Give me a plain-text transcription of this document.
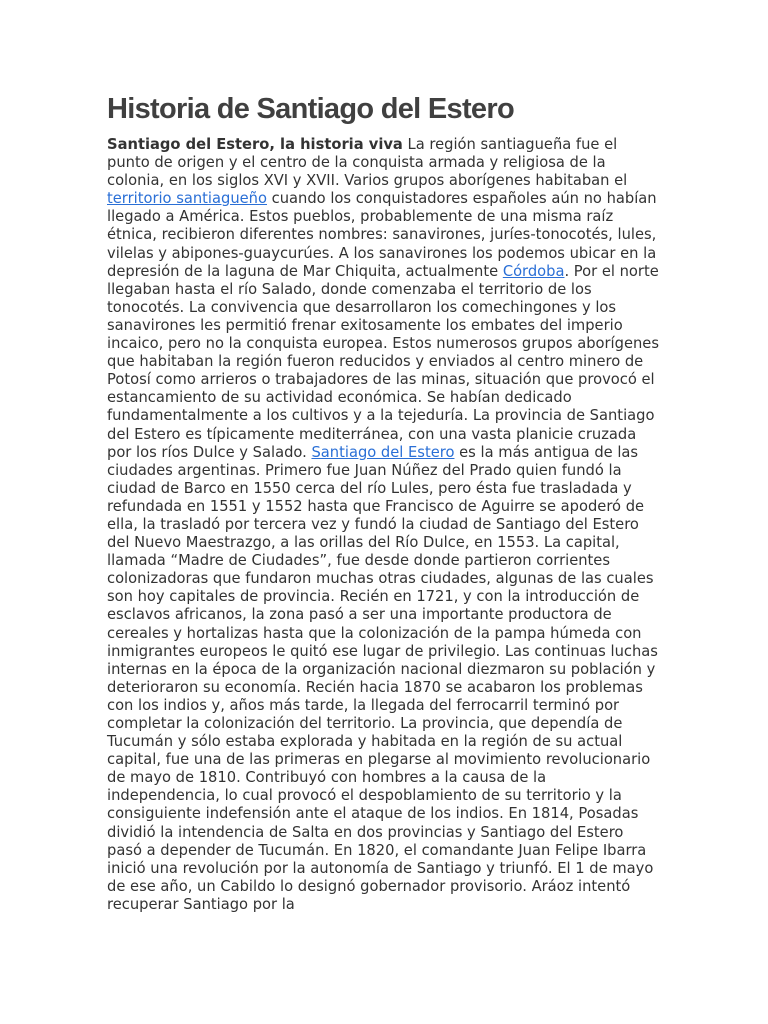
Historia de Santiago del Estero

Santiago del Estero, la historia viva La región santiagueña fue el punto de origen y el centro de la conquista armada y religiosa de la colonia, en los siglos XVI y XVII. Varios grupos aborígenes habitaban el territorio santiagueño cuando los conquistadores españoles aún no habían llegado a América. Estos pueblos, probablemente de una misma raíz étnica, recibieron diferentes nombres: sanavirones, juríes-tonocotés, lules, vilelas y abipones-guaycurúes. A los sanavirones los podemos ubicar en la depresión de la laguna de Mar Chiquita, actualmente Córdoba. Por el norte llegaban hasta el río Salado, donde comenzaba el territorio de los tonocotés. La convivencia que desarrollaron los comechingones y los sanavirones les permitió frenar exitosamente los embates del imperio incaico, pero no la conquista europea. Estos numerosos grupos aborígenes que habitaban la región fueron reducidos y enviados al centro minero de Potosí como arrieros o trabajadores de las minas, situación que provocó el estancamiento de su actividad económica. Se habían dedicado fundamentalmente a los cultivos y a la tejeduría. La provincia de Santiago del Estero es típicamente mediterránea, con una vasta planicie cruzada por los ríos Dulce y Salado. Santiago del Estero es la más antigua de las ciudades argentinas. Primero fue Juan Núñez del Prado quien fundó la ciudad de Barco en 1550 cerca del río Lules, pero ésta fue trasladada y refundada en 1551 y 1552 hasta que Francisco de Aguirre se apoderó de ella, la trasladó por tercera vez y fundó la ciudad de Santiago del Estero del Nuevo Maestrazgo, a las orillas del Río Dulce, en 1553. La capital, llamada “Madre de Ciudades”, fue desde donde partieron corrientes colonizadoras que fundaron muchas otras ciudades, algunas de las cuales son hoy capitales de provincia. Recién en 1721, y con la introducción de esclavos africanos, la zona pasó a ser una importante productora de cereales y hortalizas hasta que la colonización de la pampa húmeda con inmigrantes europeos le quitó ese lugar de privilegio. Las continuas luchas internas en la época de la organización nacional diezmaron su población y deterioraron su economía. Recién hacia 1870 se acabaron los problemas con los indios y, años más tarde, la llegada del ferrocarril terminó por completar la colonización del territorio. La provincia, que dependía de Tucumán y sólo estaba explorada y habitada en la región de su actual capital, fue una de las primeras en plegarse al movimiento revolucionario de mayo de 1810. Contribuyó con hombres a la causa de la independencia, lo cual provocó el despoblamiento de su territorio y la consiguiente indefensión ante el ataque de los indios. En 1814, Posadas dividió la intendencia de Salta en dos provincias y Santiago del Estero pasó a depender de Tucumán. En 1820, el comandante Juan Felipe Ibarra inició una revolución por la autonomía de Santiago y triunfó. El 1 de mayo de ese año, un Cabildo lo designó gobernador provisorio. Aráoz intentó recuperar Santiago por la
